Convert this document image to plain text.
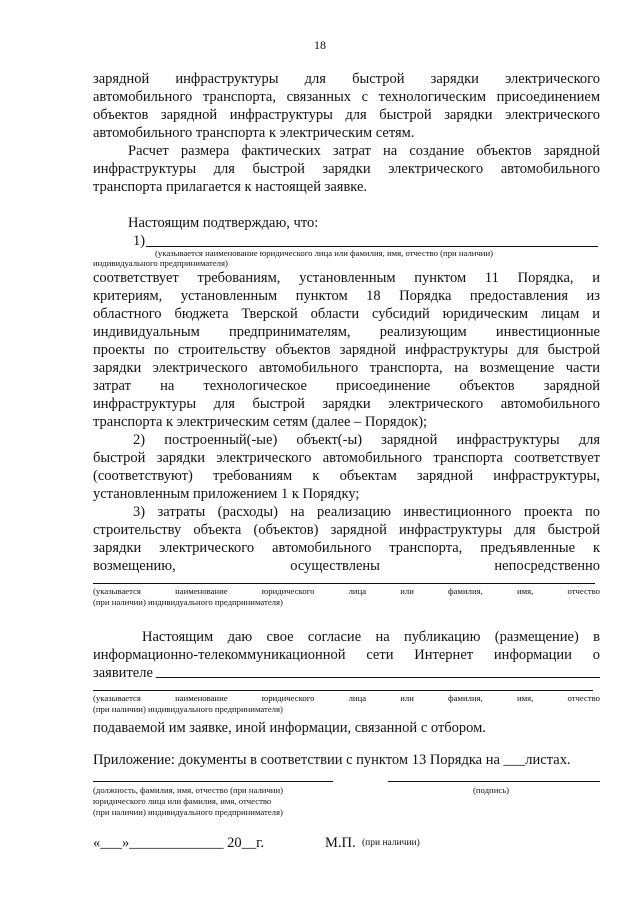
18
зарядной инфраструктуры для быстрой зарядки электрического
автомобильного транспорта, связанных с технологическим присоединением
объектов зарядной инфраструктуры для быстрой зарядки электрического
автомобильного транспорта к электрическим сетям.
Расчет размера фактических затрат на создание объектов зарядной
инфраструктуры для быстрой зарядки электрического автомобильного
транспорта прилагается к настоящей заявке.
Настоящим подтверждаю, что:
1)
(указывается наименование юридического лица или фамилия, имя, отчество (при наличии)
индивидуального предпринимателя)
соответствует требованиям, установленным пунктом 11 Порядка, и
критериям, установленным пунктом 18 Порядка предоставления из
областного бюджета Тверской области субсидий юридическим лицам и
индивидуальным предпринимателям, реализующим инвестиционные
проекты по строительству объектов зарядной инфраструктуры для быстрой
зарядки электрического автомобильного транспорта, на возмещение части
затрат на технологическое присоединение объектов зарядной
инфраструктуры для быстрой зарядки электрического автомобильного
транспорта к электрическим сетям (далее – Порядок);
2) построенный(-ые) объект(-ы) зарядной инфраструктуры для
быстрой зарядки электрического автомобильного транспорта соответствует
(соответствуют) требованиям к объектам зарядной инфраструктуры,
установленным приложением 1 к Порядку;
3) затраты (расходы) на реализацию инвестиционного проекта по
строительству объекта (объектов) зарядной инфраструктуры для быстрой
зарядки электрического автомобильного транспорта, предъявленные к
возмещению, осуществлены непосредственно
(указывается наименование юридического лица или фамилия, имя, отчество
(при наличии) индивидуального предпринимателя)
Настоящим даю свое согласие на публикацию (размещение) в
информационно-телекоммуникационной сети Интернет информации о
заявителе
(указывается наименование юридического лица или фамилия, имя, отчество
(при наличии) индивидуального предпринимателя)
подаваемой им заявке, иной информации, связанной с отбором.
Приложение: документы в соответствии с пунктом 13 Порядка на ___листах.
(должность, фамилия, имя, отчество (при наличии)
юридического лица или фамилия, имя, отчество
(при наличии) индивидуального предпринимателя)
(подпись)
«___»_____________ 20__г.	М.П. (при наличии)
